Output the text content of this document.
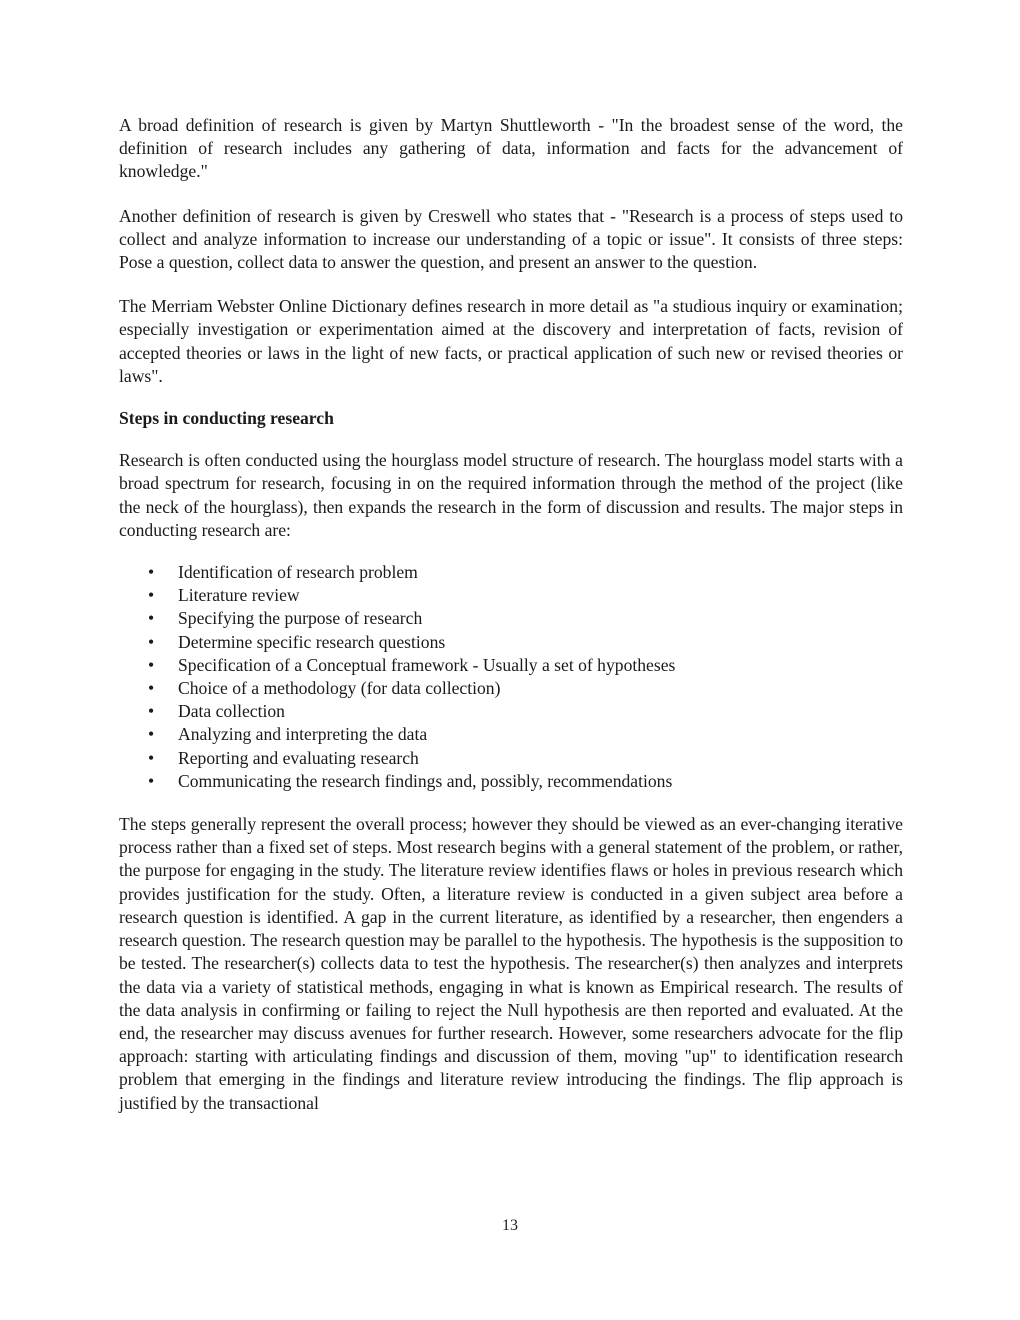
A broad definition of research is given by Martyn Shuttleworth - "In the broadest sense of the word, the definition of research includes any gathering of data, information and facts for the advancement of knowledge."

Another definition of research is given by Creswell who states that - "Research is a process of steps used to collect and analyze information to increase our understanding of a topic or issue". It consists of three steps: Pose a question, collect data to answer the question, and present an answer to the question.

The Merriam Webster Online Dictionary defines research in more detail as "a studious inquiry or examination; especially investigation or experimentation aimed at the discovery and interpretation of facts, revision of accepted theories or laws in the light of new facts, or practical application of such new or revised theories or laws".

Steps in conducting research

Research is often conducted using the hourglass model structure of research. The hourglass model starts with a broad spectrum for research, focusing in on the required information through the method of the project (like the neck of the hourglass), then expands the research in the form of discussion and results. The major steps in conducting research are:

• Identification of research problem
• Literature review
• Specifying the purpose of research
• Determine specific research questions
• Specification of a Conceptual framework - Usually a set of hypotheses
• Choice of a methodology (for data collection)
• Data collection
• Analyzing and interpreting the data
• Reporting and evaluating research
• Communicating the research findings and, possibly, recommendations

The steps generally represent the overall process; however they should be viewed as an ever-changing iterative process rather than a fixed set of steps. Most research begins with a general statement of the problem, or rather, the purpose for engaging in the study. The literature review identifies flaws or holes in previous research which provides justification for the study. Often, a literature review is conducted in a given subject area before a research question is identified. A gap in the current literature, as identified by a researcher, then engenders a research question. The research question may be parallel to the hypothesis. The hypothesis is the supposition to be tested. The researcher(s) collects data to test the hypothesis. The researcher(s) then analyzes and interprets the data via a variety of statistical methods, engaging in what is known as Empirical research. The results of the data analysis in confirming or failing to reject the Null hypothesis are then reported and evaluated. At the end, the researcher may discuss avenues for further research. However, some researchers advocate for the flip approach: starting with articulating findings and discussion of them, moving "up" to identification research problem that emerging in the findings and literature review introducing the findings. The flip approach is justified by the transactional

13
